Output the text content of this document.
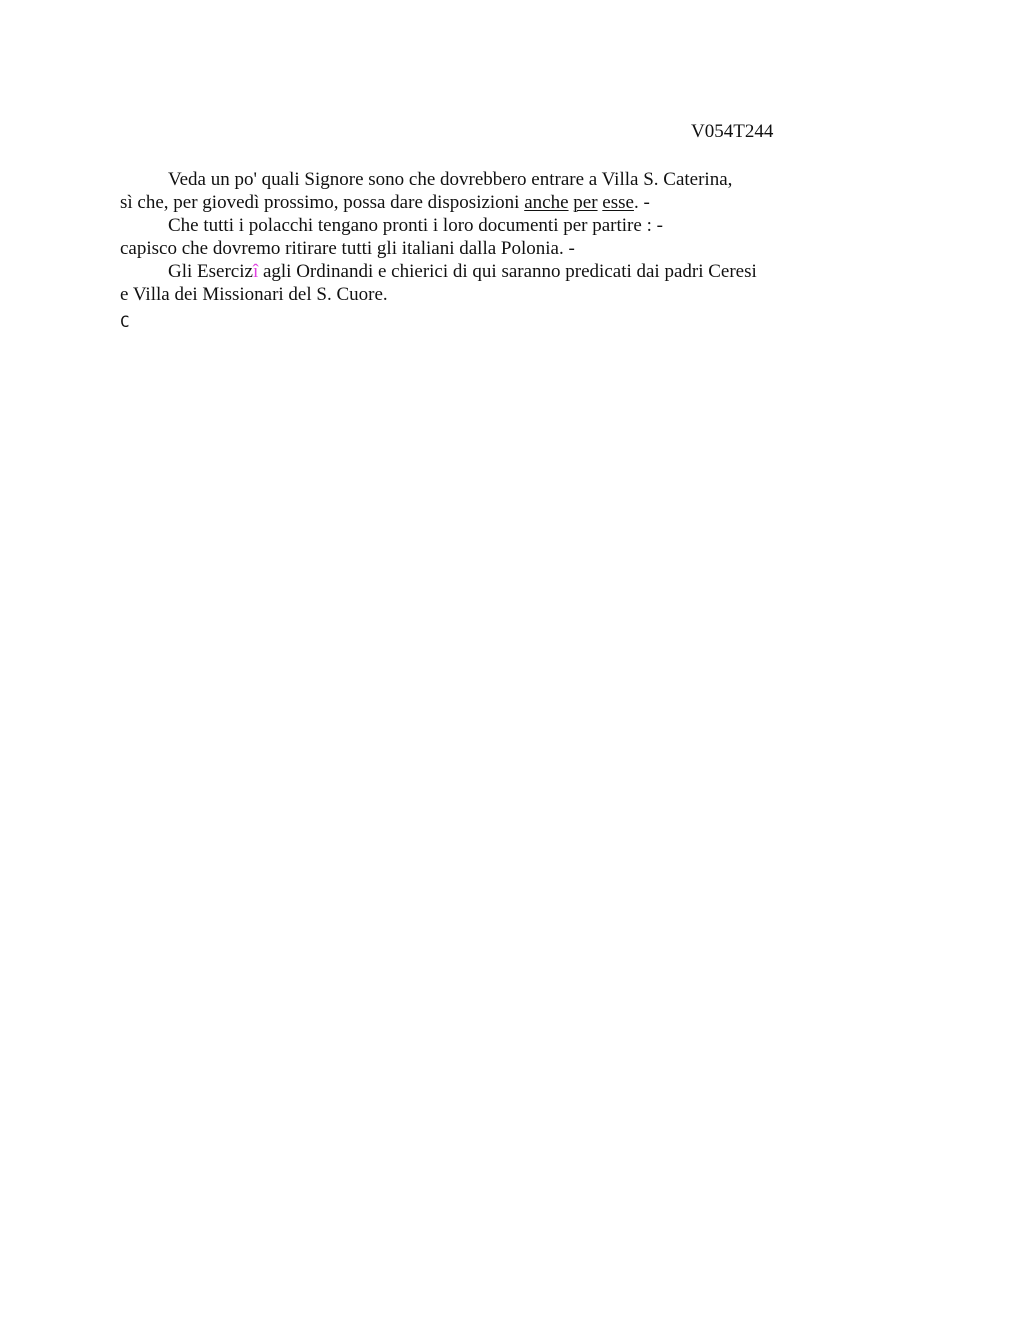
V054T244
Veda un po' quali Signore sono che dovrebbero entrare a Villa S. Caterina,
sì che, per giovedì prossimo, possa dare disposizioni anche per esse. -
Che tutti i polacchi tengano pronti i loro documenti per partire : -
capisco che dovremo ritirare tutti gli italiani dalla Polonia. -
Gli Esercizî agli Ordinandi e chierici di qui saranno predicati dai padri Ceresi
e Villa dei Missionari del S. Cuore.
C
